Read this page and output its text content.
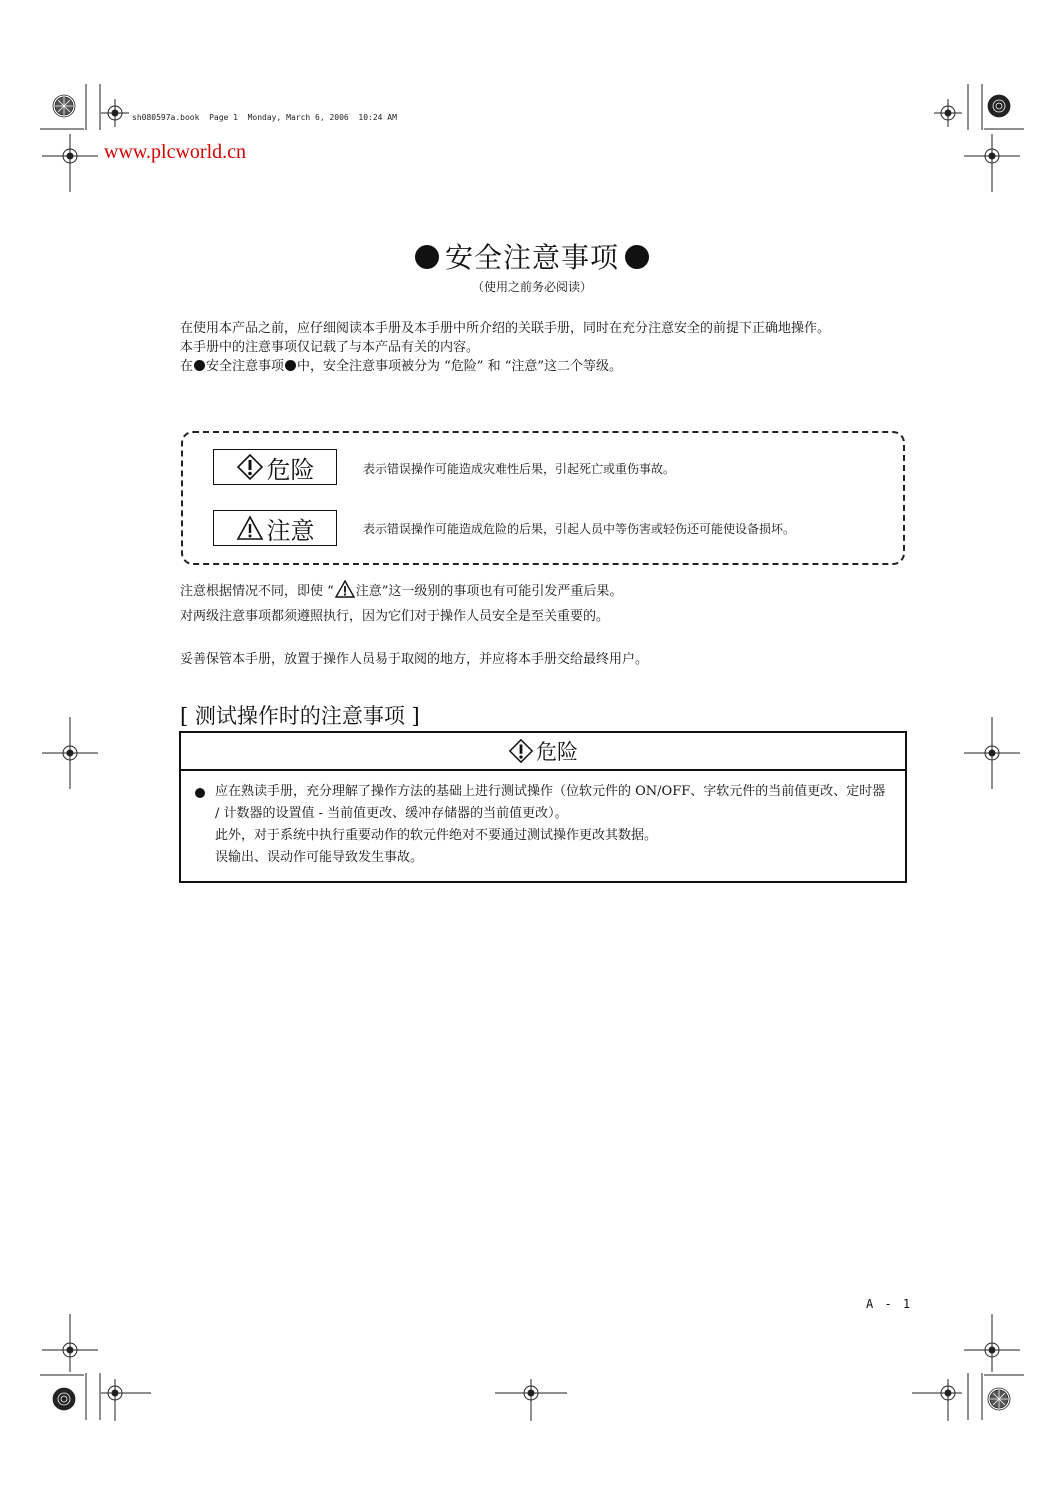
sh080597a.book  Page 1  Monday, March 6, 2006  10:24 AM
www.plcworld.cn
安全注意事项
（使用之前务必阅读）

在使用本产品之前，应仔细阅读本手册及本手册中所介绍的关联手册，同时在充分注意安全的前提下正确地操作。

本手册中的注意事项仅记载了与本产品有关的内容。

在 安全注意事项 中，安全注意事项被分为 “危险” 和 “注意”这二个等级。

危险	表示错误操作可能造成灾难性后果，引起死亡或重伤事故。
注意	表示错误操作可能造成危险的后果，引起人员中等伤害或轻伤还可能使设备损坏。

注意根据情况不同，即使 “ 注意”这一级别的事项也有可能引发严重后果。

对两级注意事项都须遵照执行，因为它们对于操作人员安全是至关重要的。

妥善保管本手册，放置于操作人员易于取阅的地方，并应将本手册交给最终用户。

[ 测试操作时的注意事项 ]
危险

应在熟读手册，充分理解了操作方法的基础上进行测试操作（位软元件的 ON/OFF、字软元件的当前值更改、定时器 / 计数器的设置值 - 当前值更改、缓冲存储器的当前值更改）。

此外，对于系统中执行重要动作的软元件绝对不要通过测试操作更改其数据。

误输出、误动作可能导致发生事故。

A - 1
